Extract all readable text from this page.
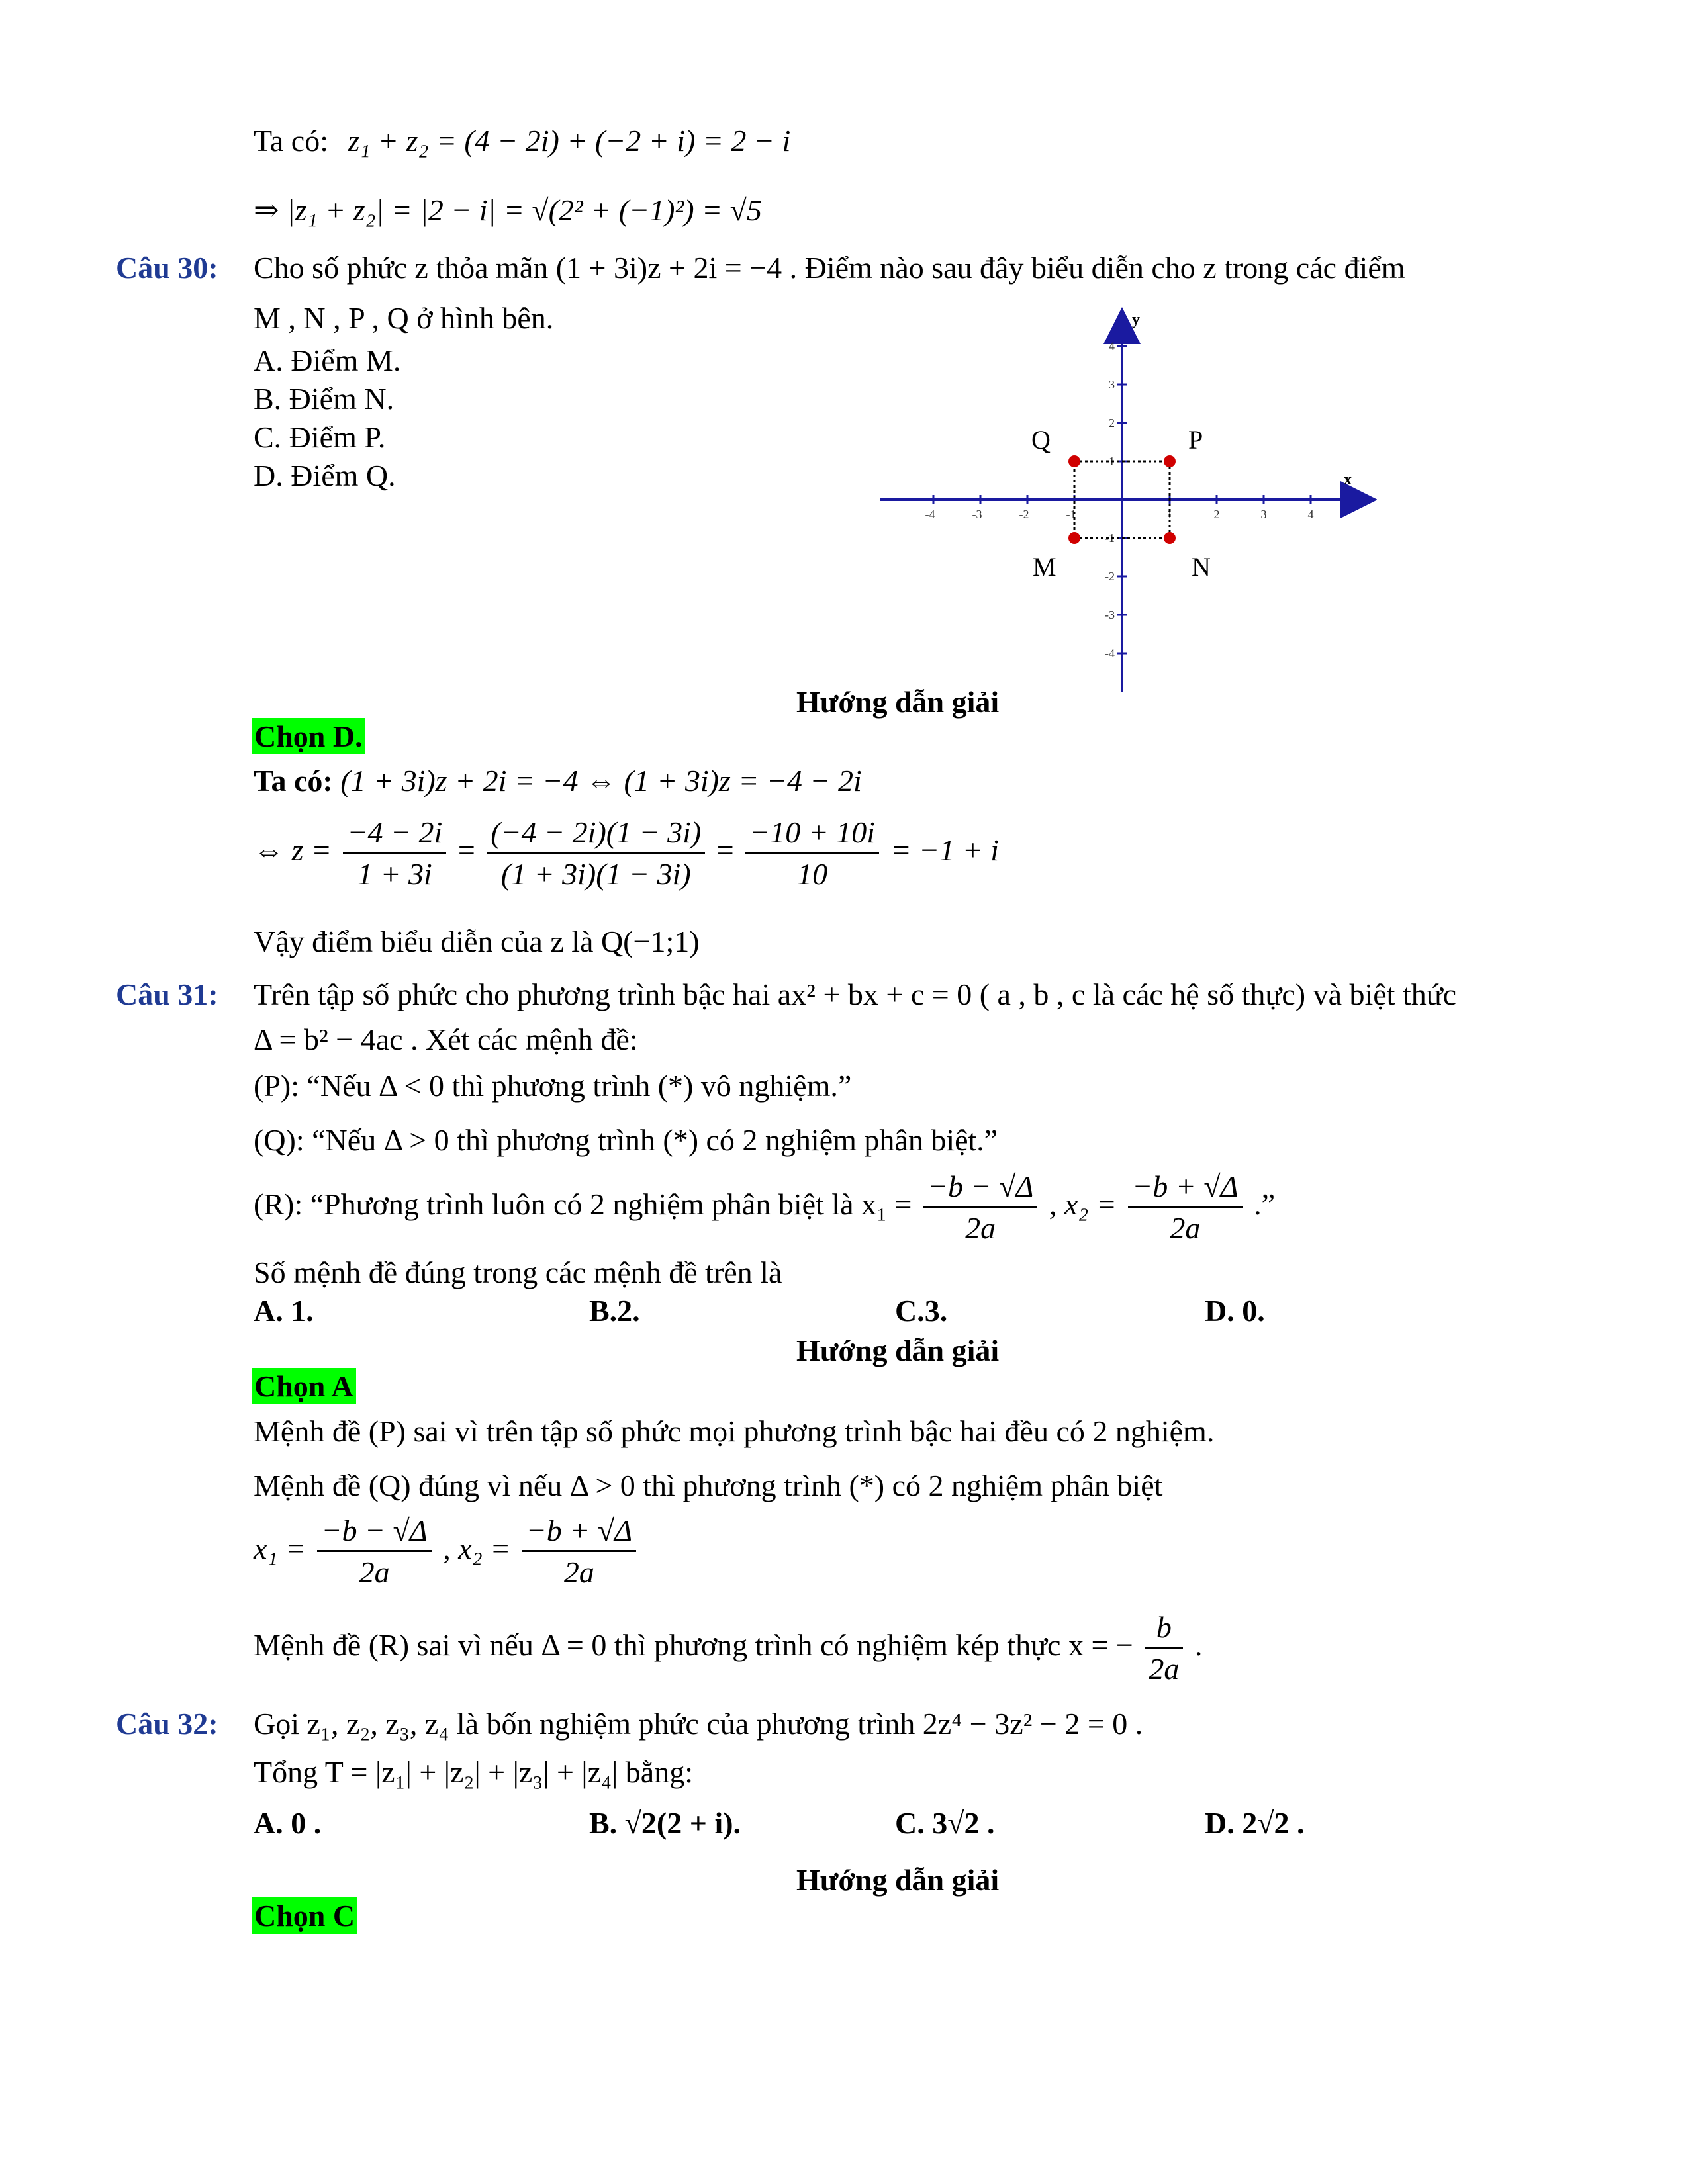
Ta có: z₁ + z₂ = (4 − 2i) + (−2 + i) = 2 − i
⇒ |z₁ + z₂| = |2 − i| = √(2² + (−1)²) = √5
Câu 30: Cho số phức z thỏa mãn (1 + 3i)z + 2i = −4 . Điểm nào sau đây biểu diễn cho z trong các điểm
M , N , P , Q ở hình bên.
A. Điểm M.
B. Điểm N.
C. Điểm P.
D. Điểm Q.	x
y
-4	-3	-2	-1	1	2	3	4
4
3
2
1
-1
-2
-3
-4
Q	P
M	N
Hướng dẫn giải
Chọn D.
Ta có: (1 + 3i)z + 2i = −4 ⇔ (1 + 3i)z = −4 − 2i
⇔ $z = \frac{-4 - 2i}{1 + 3i} = \frac{(-4 - 2i)(1 - 3i)}{(1 + 3i)(1 - 3i)} = \frac{-10 + 10i}{10} = -1 + i$
Vậy điểm biểu diễn của z là Q(−1;1)
Câu 31: Trên tập số phức cho phương trình bậc hai ax² + bx + c = 0 ( a , b , c là các hệ số thực) và biệt thức
Δ = b² − 4ac . Xét các mệnh đề:
(P): “Nếu Δ < 0 thì phương trình (*) vô nghiệm.”
(Q): “Nếu Δ > 0 thì phương trình (*) có 2 nghiệm phân biệt.”
(R): “Phương trình luôn có 2 nghiệm phân biệt là $x_1 = \frac{-b - √\Delta}{2a}$ , $x_2 = \frac{-b + √\Delta}{2a}$ .”
Số mệnh đề đúng trong các mệnh đề trên là
A. 1.	B.2.	C.3.	D. 0.
Hướng dẫn giải
Chọn A
Mệnh đề (P) sai vì trên tập số phức mọi phương trình bậc hai đều có 2 nghiệm.
Mệnh đề (Q) đúng vì nếu Δ > 0 thì phương trình (*) có 2 nghiệm phân biệt
$x_1 = \frac{-b - √\Delta}{2a}$ , $x_2 = \frac{-b + √\Delta}{2a}$
Mệnh đề (R) sai vì nếu Δ = 0 thì phương trình có nghiệm kép thực x = − $\frac{b}{2a}$ .
Câu 32: Gọi z₁, z₂, z₃, z₄ là bốn nghiệm phức của phương trình 2z⁴ − 3z² − 2 = 0 .
Tổng T = |z₁| + |z₂| + |z₃| + |z₄| bằng:
A. 0 .	B. √2(2 + i).	C. 3√2 .	D. 2√2 .
Hướng dẫn giải
Chọn C
